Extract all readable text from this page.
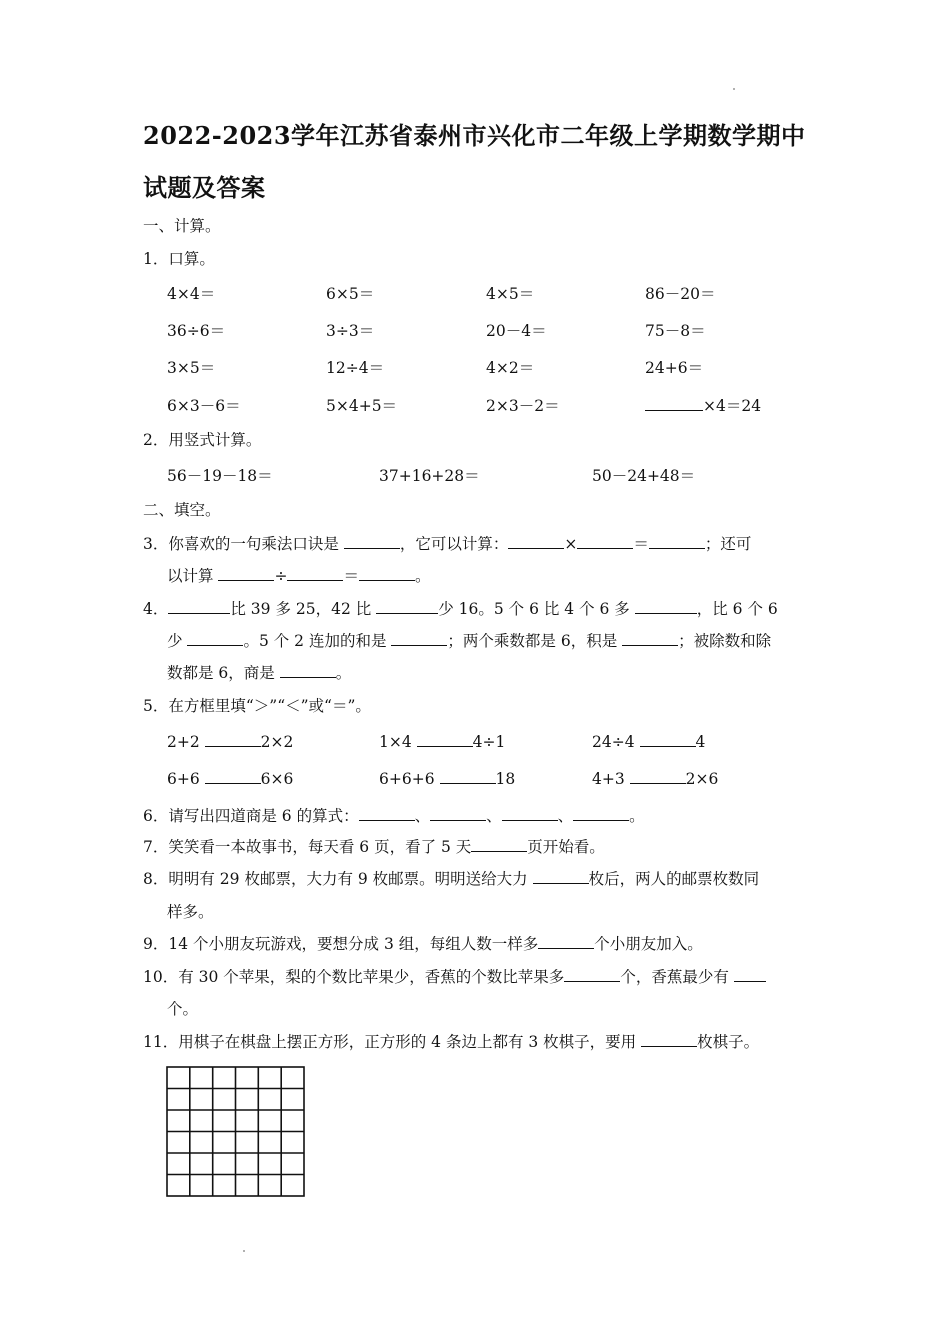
2022-2023学年江苏省泰州市兴化市二年级上学期数学期中
试题及答案
一、计算。
1．口算。
4×4＝	6×5＝	4×5＝	86－20＝
36÷6＝	3÷3＝	20－4＝	75－8＝
3×5＝	12÷4＝	4×2＝	24+6＝
6×3－6＝	5×4+5＝	2×3－2＝	×4＝24
2．用竖式计算。
56－19－18＝	37+16+28＝	50－24+48＝
二、填空。
3．你喜欢的一句乘法口诀是	，它可以计算：	×	＝	；还可
以计算	÷	＝	。
4．	比 39 多 25，42 比	少 16。5 个 6 比 4 个 6 多	，比 6 个 6
少	。5 个 2 连加的和是	；两个乘数都是 6，积是	；被除数和除
数都是 6，商是	。
5．在方框里填“＞”“＜”或“＝”。
2+2	2×2	1×4	4÷1	24÷4	4
6+6	6×6	6+6+6	18	4+3	2×6
6．请写出四道商是 6 的算式：	、	、	、	。
7．笑笑看一本故事书，每天看 6 页，看了 5 天	页开始看。
8．明明有 29 枚邮票，大力有 9 枚邮票。明明送给大力	枚后，两人的邮票枚数同
样多。
9．14 个小朋友玩游戏，要想分成 3 组，每组人数一样多	个小朋友加入。
10．有 30 个苹果，梨的个数比苹果少，香蕉的个数比苹果多	个，香蕉最少有
个。
11．用棋子在棋盘上摆正方形，正方形的 4 条边上都有 3 枚棋子，要用	枚棋子。
